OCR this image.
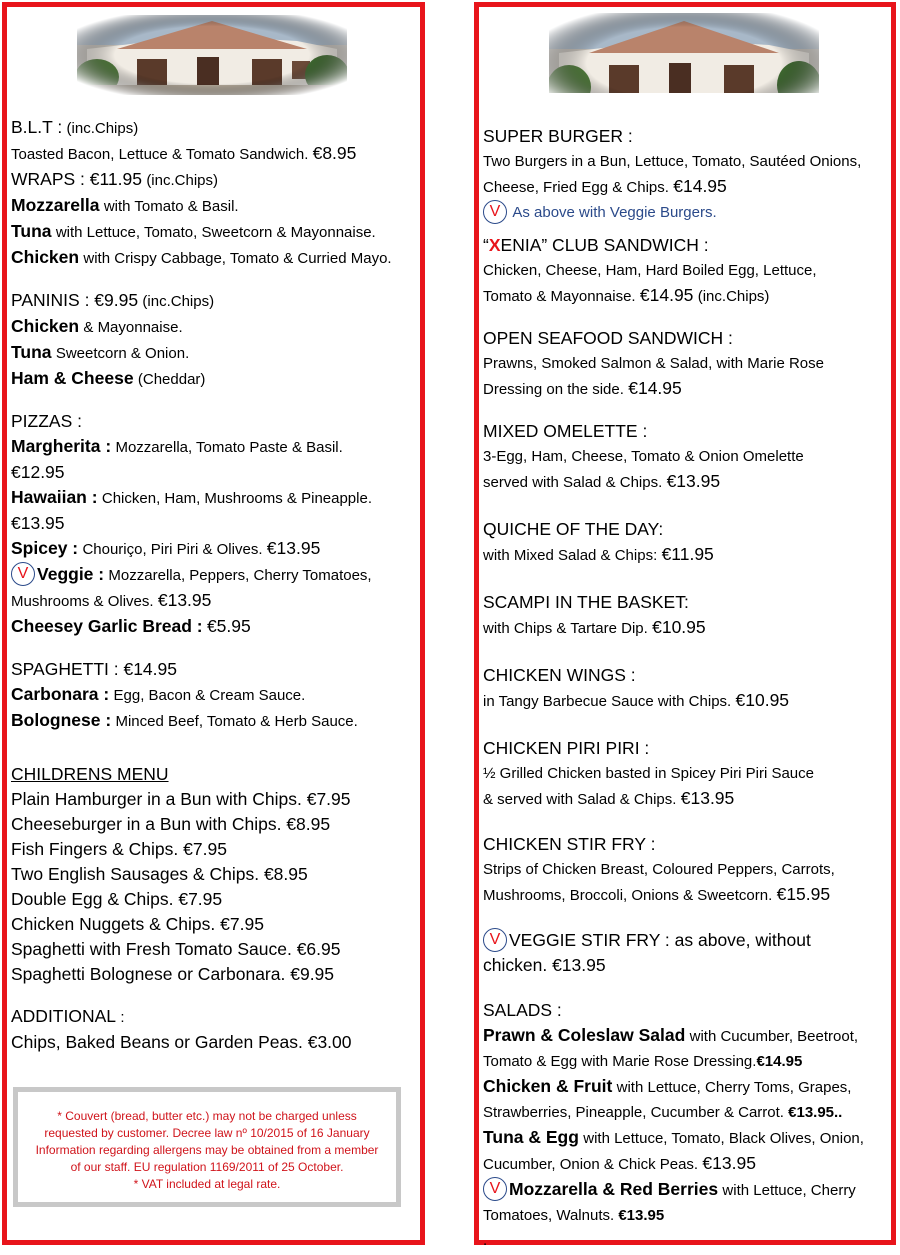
B.L.T : (inc.Chips)
Toasted Bacon, Lettuce & Tomato Sandwich. €8.95
WRAPS : €11.95 (inc.Chips)
Mozzarella with Tomato & Basil.
Tuna with Lettuce, Tomato, Sweetcorn & Mayonnaise.
Chicken with Crispy Cabbage, Tomato & Curried Mayo.
PANINIS : €9.95 (inc.Chips)
Chicken & Mayonnaise.
Tuna Sweetcorn & Onion.
Ham & Cheese (Cheddar)
PIZZAS :
Margherita : Mozzarella, Tomato Paste & Basil.
€12.95
Hawaiian : Chicken, Ham, Mushrooms & Pineapple.
€13.95
Spicey : Chouriço, Piri Piri & Olives. €13.95
V Veggie : Mozzarella, Peppers, Cherry Tomatoes,
Mushrooms & Olives. €13.95
Cheesey Garlic Bread : €5.95
SPAGHETTI : €14.95
Carbonara : Egg, Bacon & Cream Sauce.
Bolognese : Minced Beef, Tomato & Herb Sauce.
CHILDRENS MENU
Plain Hamburger in a Bun with Chips. €7.95
Cheeseburger in a Bun with Chips. €8.95
Fish Fingers & Chips. €7.95
Two English Sausages & Chips. €8.95
Double Egg & Chips. €7.95
Chicken Nuggets & Chips. €7.95
Spaghetti with Fresh Tomato Sauce. €6.95
Spaghetti Bolognese or Carbonara. €9.95
ADDITIONAL :
Chips, Baked Beans or Garden Peas. €3.00
* Couvert (bread, butter etc.) may not be charged unless
requested by customer. Decree law nº 10/2015 of 16 January
Information regarding allergens may be obtained from a member
of our staff. EU regulation 1169/2011 of 25 October.
* VAT included at legal rate.
SUPER BURGER :
Two Burgers in a Bun, Lettuce, Tomato, Sautéed Onions,
Cheese, Fried Egg & Chips. €14.95
V As above with Veggie Burgers.
“XENIA” CLUB SANDWICH :
Chicken, Cheese, Ham, Hard Boiled Egg, Lettuce,
Tomato & Mayonnaise. €14.95 (inc.Chips)
OPEN SEAFOOD SANDWICH :
Prawns, Smoked Salmon & Salad, with Marie Rose
Dressing on the side. €14.95
MIXED OMELETTE :
3-Egg, Ham, Cheese, Tomato & Onion Omelette
served with Salad & Chips. €13.95
QUICHE OF THE DAY:
with Mixed Salad & Chips: €11.95
SCAMPI IN THE BASKET:
with Chips & Tartare Dip. €10.95
CHICKEN WINGS :
in Tangy Barbecue Sauce with Chips. €10.95
CHICKEN PIRI PIRI :
½ Grilled Chicken basted in Spicey Piri Piri Sauce
& served with Salad & Chips. €13.95
CHICKEN STIR FRY :
Strips of Chicken Breast, Coloured Peppers, Carrots,
Mushrooms, Broccoli, Onions & Sweetcorn. €15.95
V VEGGIE STIR FRY : as above, without
chicken. €13.95
SALADS :
Prawn & Coleslaw Salad with Cucumber, Beetroot,
Tomato & Egg with Marie Rose Dressing.€14.95
Chicken & Fruit with Lettuce, Cherry Toms, Grapes,
Strawberries, Pineapple, Cucumber & Carrot. €13.95..
Tuna & Egg with Lettuce, Tomato, Black Olives, Onion,
Cucumber, Onion & Chick Peas. €13.95
V Mozzarella & Red Berries with Lettuce, Cherry
Tomatoes, Walnuts. €13.95
.
